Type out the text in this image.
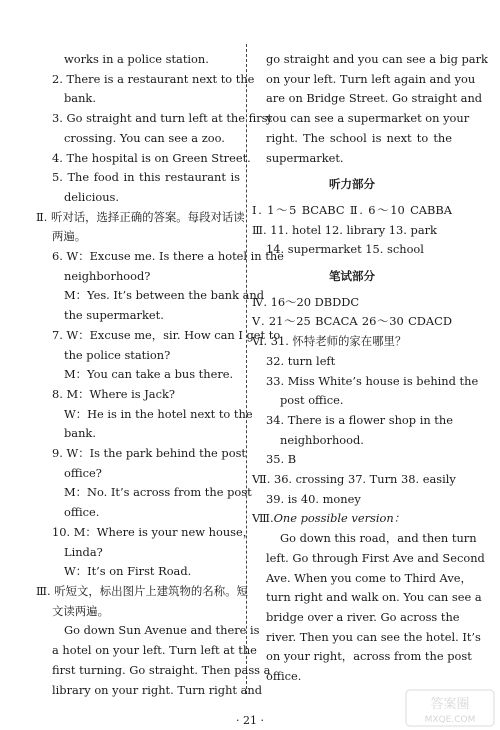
works in a police station.
2. There is a restaurant next to the
bank.
3. Go straight and turn left at the first
crossing. You can see a zoo.
4. The hospital is on Green Street.
5. The food in this restaurant is
delicious.
Ⅱ. 听对话，选择正确的答案。每段对话读
两遍。
6. W：Excuse me. Is there a hotel in the
neighborhood?
M：Yes. It’s between the bank and
the supermarket.
7. W：Excuse me，sir. How can I get to
the police station?
M：You can take a bus there.
8. M：Where is Jack?
W：He is in the hotel next to the
bank.
9. W：Is the park behind the post
office?
M：No. It’s across from the post
office.
10. M：Where is your new house，
Linda?
W：It’s on First Road.
Ⅲ. 听短文，标出图片上建筑物的名称。短
文读两遍。
Go down Sun Avenue and there is
a hotel on your left. Turn left at the
first turning. Go straight. Then pass a
library on your right. Turn right and
go straight and you can see a big park
on your left. Turn left again and you
are on Bridge Street. Go straight and
you can see a supermarket on your
right. The school is next to the
supermarket.
听力部分
Ⅰ. 1～5 BCABC Ⅱ. 6～10 CABBA
Ⅲ. 11. hotel 12. library 13. park
14. supermarket 15. school
笔试部分
Ⅳ. 16～20 DBDDC
Ⅴ. 21～25 BCACA 26～30 CDACD
Ⅵ. 31. 怀特老师的家在哪里？
32. turn left
33. Miss White’s house is behind the
post office.
34. There is a flower shop in the
neighborhood.
35. B
Ⅶ. 36. crossing 37. Turn 38. easily
39. is 40. money
Ⅷ.One possible version：
Go down this road，and then turn
left. Go through First Ave and Second
Ave. When you come to Third Ave，
turn right and walk on. You can see a
bridge over a river. Go across the
river. Then you can see the hotel. It’s
on your right，across from the post
office.
· 21 ·
答案圈
MXQE.COM
